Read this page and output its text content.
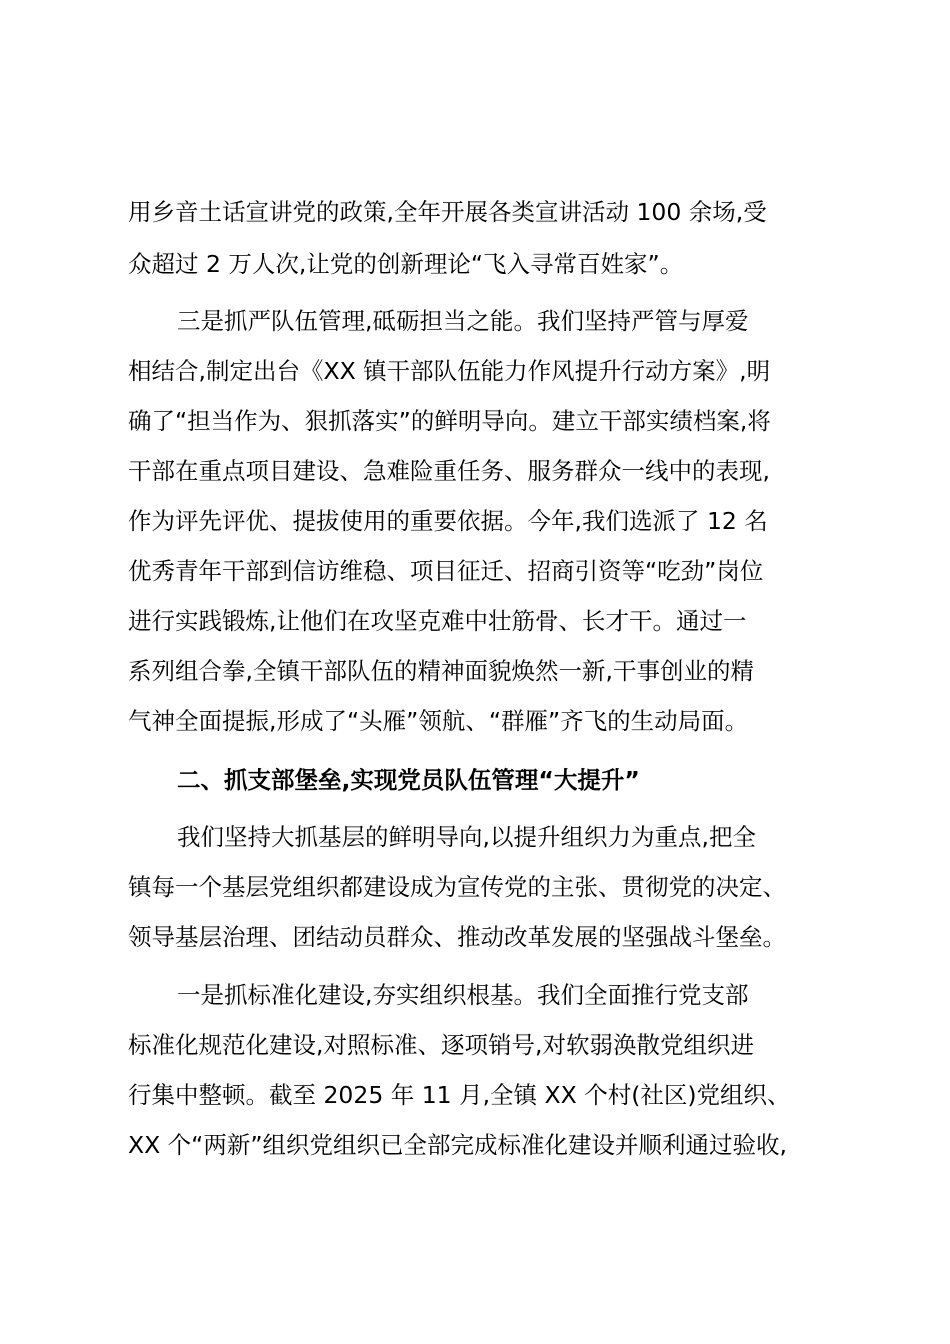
用乡音土话宣讲党的政策,全年开展各类宣讲活动 100 余场,受
众超过 2 万人次,让党的创新理论“飞入寻常百姓家”。
三是抓严队伍管理,砥砺担当之能。我们坚持严管与厚爱
相结合,制定出台《XX 镇干部队伍能力作风提升行动方案》,明
确了“担当作为、狠抓落实”的鲜明导向。建立干部实绩档案,将
干部在重点项目建设、急难险重任务、服务群众一线中的表现,
作为评先评优、提拔使用的重要依据。今年,我们选派了 12 名
优秀青年干部到信访维稳、项目征迁、招商引资等“吃劲”岗位
进行实践锻炼,让他们在攻坚克难中壮筋骨、长才干。通过一
系列组合拳,全镇干部队伍的精神面貌焕然一新,干事创业的精
气神全面提振,形成了“头雁”领航、“群雁”齐飞的生动局面。
二、抓支部堡垒,实现党员队伍管理“大提升”
我们坚持大抓基层的鲜明导向,以提升组织力为重点,把全
镇每一个基层党组织都建设成为宣传党的主张、贯彻党的决定、
领导基层治理、团结动员群众、推动改革发展的坚强战斗堡垒。
一是抓标准化建设,夯实组织根基。我们全面推行党支部
标准化规范化建设,对照标准、逐项销号,对软弱涣散党组织进
行集中整顿。截至 2025 年 11 月,全镇 XX 个村(社区)党组织、
XX 个“两新”组织党组织已全部完成标准化建设并顺利通过验收,
